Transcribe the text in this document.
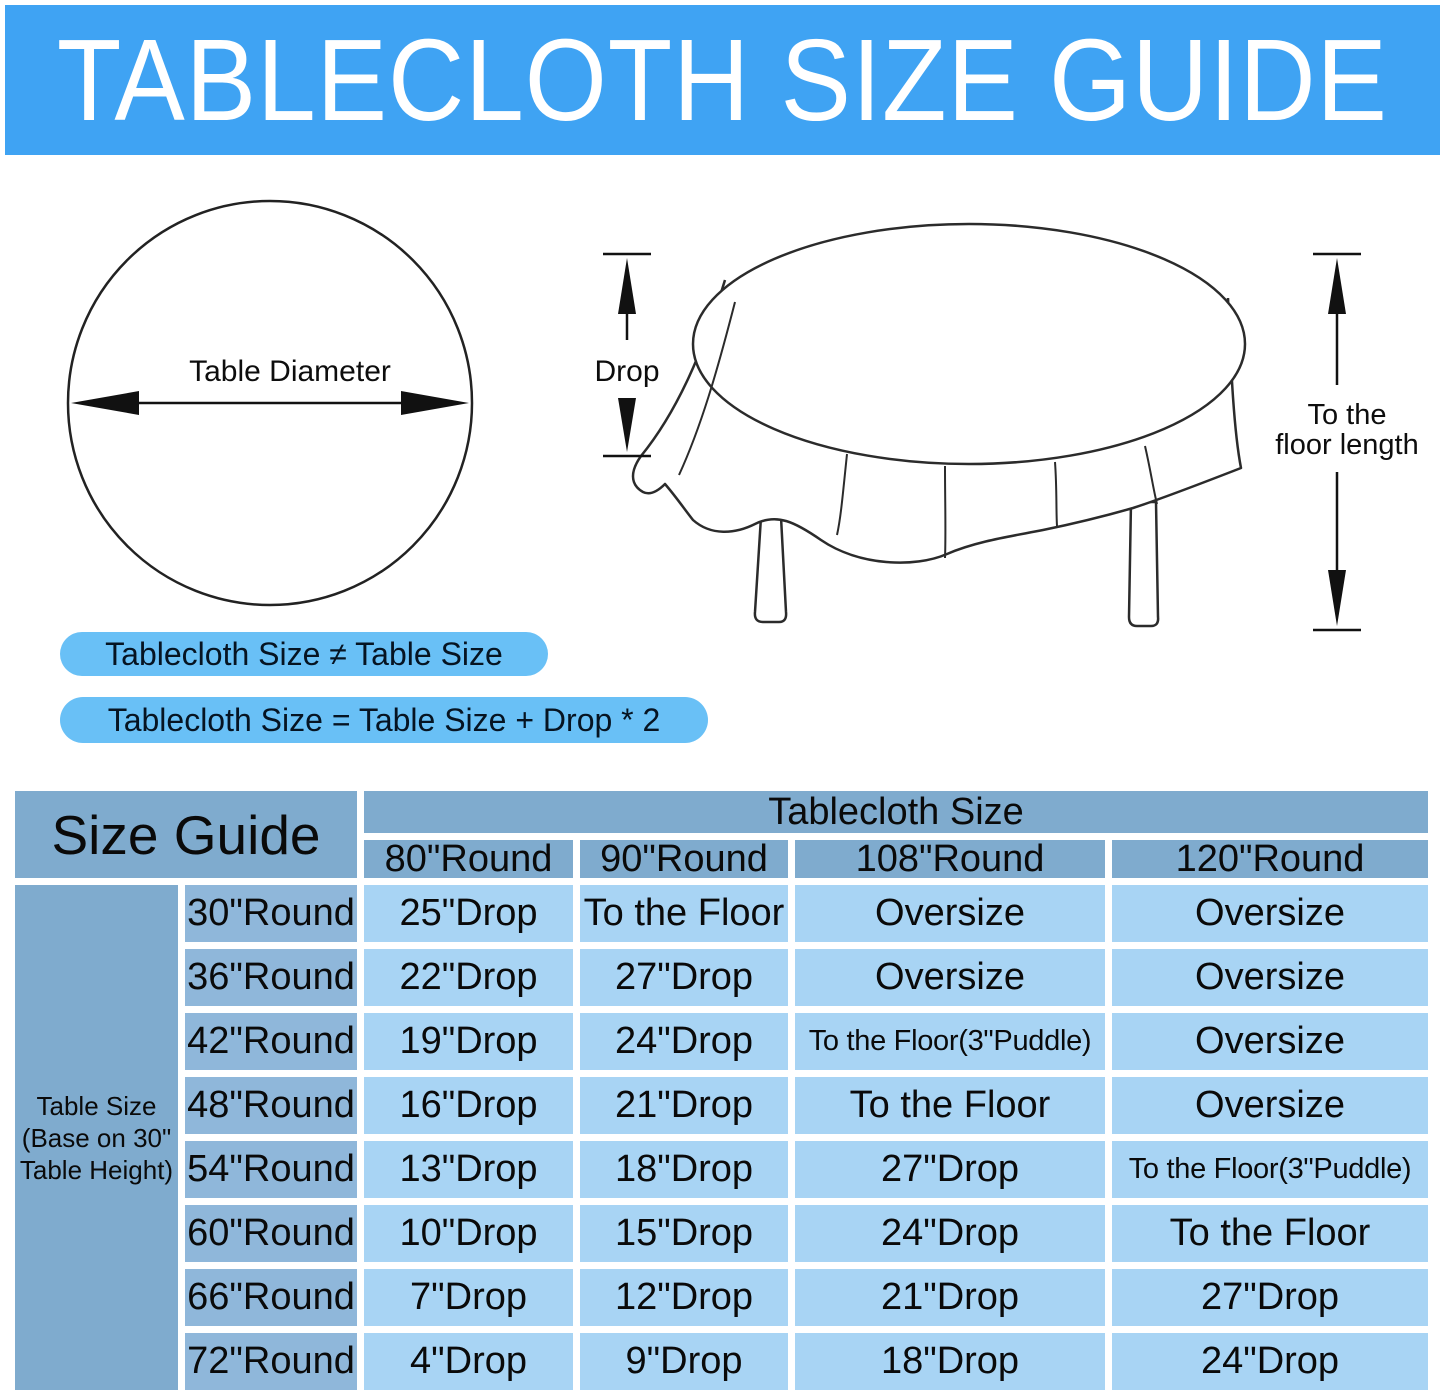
TABLECLOTH SIZE GUIDE
Table Diameter	Drop
To the
floor length
Tablecloth Size ≠ Table Size
Tablecloth Size = Table Size + Drop * 2
Size Guide	Tablecloth Size
80"Round	90"Round	108"Round	120"Round
Table Size
(Base on 30"
Table Height)
30"Round	25"Drop	To the Floor	Oversize	Oversize
36"Round	22"Drop	27"Drop	Oversize	Oversize
42"Round	19"Drop	24"Drop	To the Floor(3"Puddle)	Oversize
48"Round	16"Drop	21"Drop	To the Floor	Oversize
54"Round	13"Drop	18"Drop	27"Drop	To the Floor(3"Puddle)
60"Round	10"Drop	15"Drop	24"Drop	To the Floor
66"Round	7"Drop	12"Drop	21"Drop	27"Drop
72"Round	4"Drop	9"Drop	18"Drop	24"Drop
